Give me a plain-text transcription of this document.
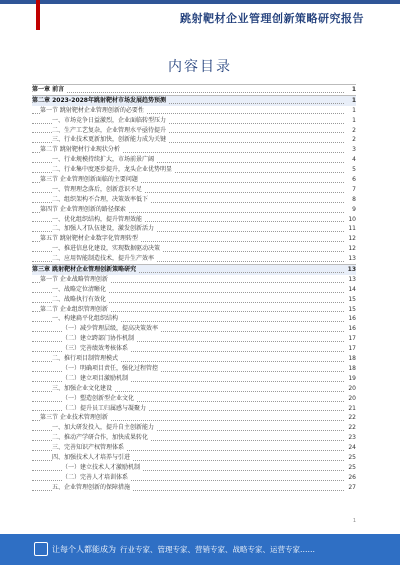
跳射靶材企业管理创新策略研究报告
内容目录
第一章 前言	1
第二章 2023-2028年跳射靶材市场发展趋势预测	1
第一节 跳射靶材企业管理创新的必要性	1
一、市场竞争日益激烈，企业面临转型压力	1
二、生产工艺复杂，企业管理水平亟待提升	2
三、行业技术更新加快，创新能力成为关键	2
第二节 跳射靶材行业现状分析	3
一、行业规模持续扩大，市场前景广阔	4
二、行业集中度逐步提升，龙头企业优势明显	5
第三节 企业管理创新面临的主要问题	6
一、管理理念落后，创新意识不足	7
二、组织架构不合理，决策效率低下	8
第四节 企业管理创新的路径探索	9
一、优化组织结构，提升管理效能	10
二、加强人才队伍建设，激发创新活力	11
第五节 跳射靶材企业数字化管理转型	12
一、推进信息化建设，实现数据驱动决策	12
二、应用智能制造技术，提升生产效率	13
第三章 跳射靶材企业管理创新策略研究	13
第一节 企业战略管理创新	13
一、战略定位清晰化	14
二、战略执行有效化	15
第二节 企业组织管理创新	15
一、构建扁平化组织结构	16
（一）减少管理层级，提高决策效率	16
（二）建立跨部门协作机制	17
（三）完善绩效考核体系	17
二、推行项目制管理模式	18
（一）明确项目责任，强化过程管控	18
（二）建立项目激励机制	19
三、加强企业文化建设	20
（一）塑造创新型企业文化	20
（二）提升员工归属感与凝聚力	21
第三节 企业技术管理创新	22
一、加大研发投入，提升自主创新能力	22
二、推动产学研合作，加快成果转化	23
三、完善知识产权管理体系	24
四、加强技术人才培养与引进	25
（一）建立技术人才激励机制	25
（二）完善人才培训体系	26
五、企业管理创新的保障措施	27
1
让每个人都能成为 行业专家、管理专家、营销专家、战略专家、运营专家……
